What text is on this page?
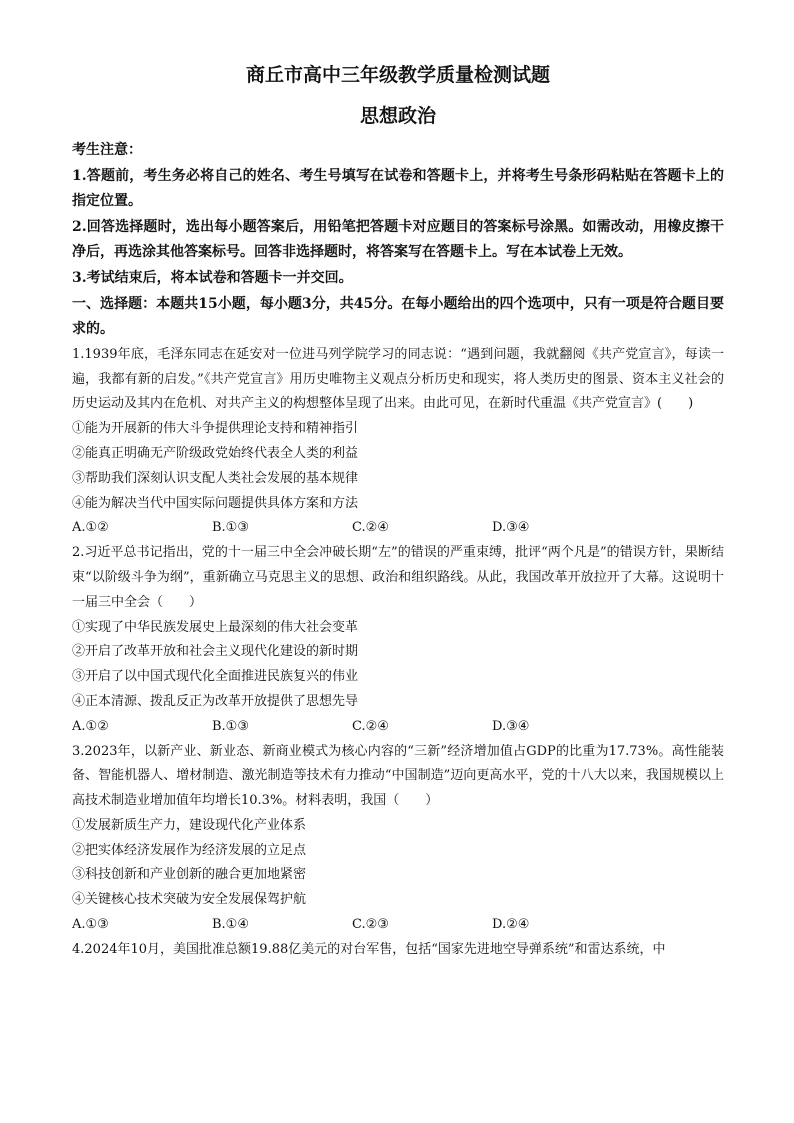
商丘市高中三年级教学质量检测试题
思想政治
考生注意：
1.答题前，考生务必将自己的姓名、考生号填写在试卷和答题卡上，并将考生号条形码粘贴在答题卡上的指定位置。
2.回答选择题时，选出每小题答案后，用铅笔把答题卡对应题目的答案标号涂黑。如需改动，用橡皮擦干净后，再选涂其他答案标号。回答非选择题时，将答案写在答题卡上。写在本试卷上无效。
3.考试结束后，将本试卷和答题卡一并交回。
一、选择题：本题共15小题，每小题3分，共45分。在每小题给出的四个选项中，只有一项是符合题目要求的。
1.1939年底，毛泽东同志在延安对一位进马列学院学习的同志说：“遇到问题，我就翻阅《共产党宣言》，每读一遍，我都有新的启发。”《共产党宣言》用历史唯物主义观点分析历史和现实，将人类历史的图景、资本主义社会的历史运动及其内在危机、对共产主义的构想整体呈现了出来。由此可见，在新时代重温《共产党宣言》(　　)
①能为开展新的伟大斗争提供理论支持和精神指引
②能真正明确无产阶级政党始终代表全人类的利益
③帮助我们深刻认识支配人类社会发展的基本规律
④能为解决当代中国实际问题提供具体方案和方法
A.①②	B.①③	C.②④	D.③④
2.习近平总书记指出，党的十一届三中全会冲破长期“左”的错误的严重束缚，批评“两个凡是”的错误方针，果断结束“以阶级斗争为纲”，重新确立马克思主义的思想、政治和组织路线。从此，我国改革开放拉开了大幕。这说明十一届三中全会（　　）
①实现了中华民族发展史上最深刻的伟大社会变革
②开启了改革开放和社会主义现代化建设的新时期
③开启了以中国式现代化全面推进民族复兴的伟业
④正本清源、拨乱反正为改革开放提供了思想先导
A.①②	B.①③	C.②④	D.③④
3.2023年，以新产业、新业态、新商业模式为核心内容的“三新”经济增加值占GDP的比重为17.73%。高性能装备、智能机器人、增材制造、激光制造等技术有力推动“中国制造”迈向更高水平，党的十八大以来，我国规模以上高技术制造业增加值年均增长10.3%。材料表明，我国（　　）
①发展新质生产力，建设现代化产业体系
②把实体经济发展作为经济发展的立足点
③科技创新和产业创新的融合更加地紧密
④关键核心技术突破为安全发展保驾护航
A.①③	B.①④	C.②③	D.②④
4.2024年10月，美国批准总额19.88亿美元的对台军售，包括“国家先进地空导弹系统”和雷达系统，中
